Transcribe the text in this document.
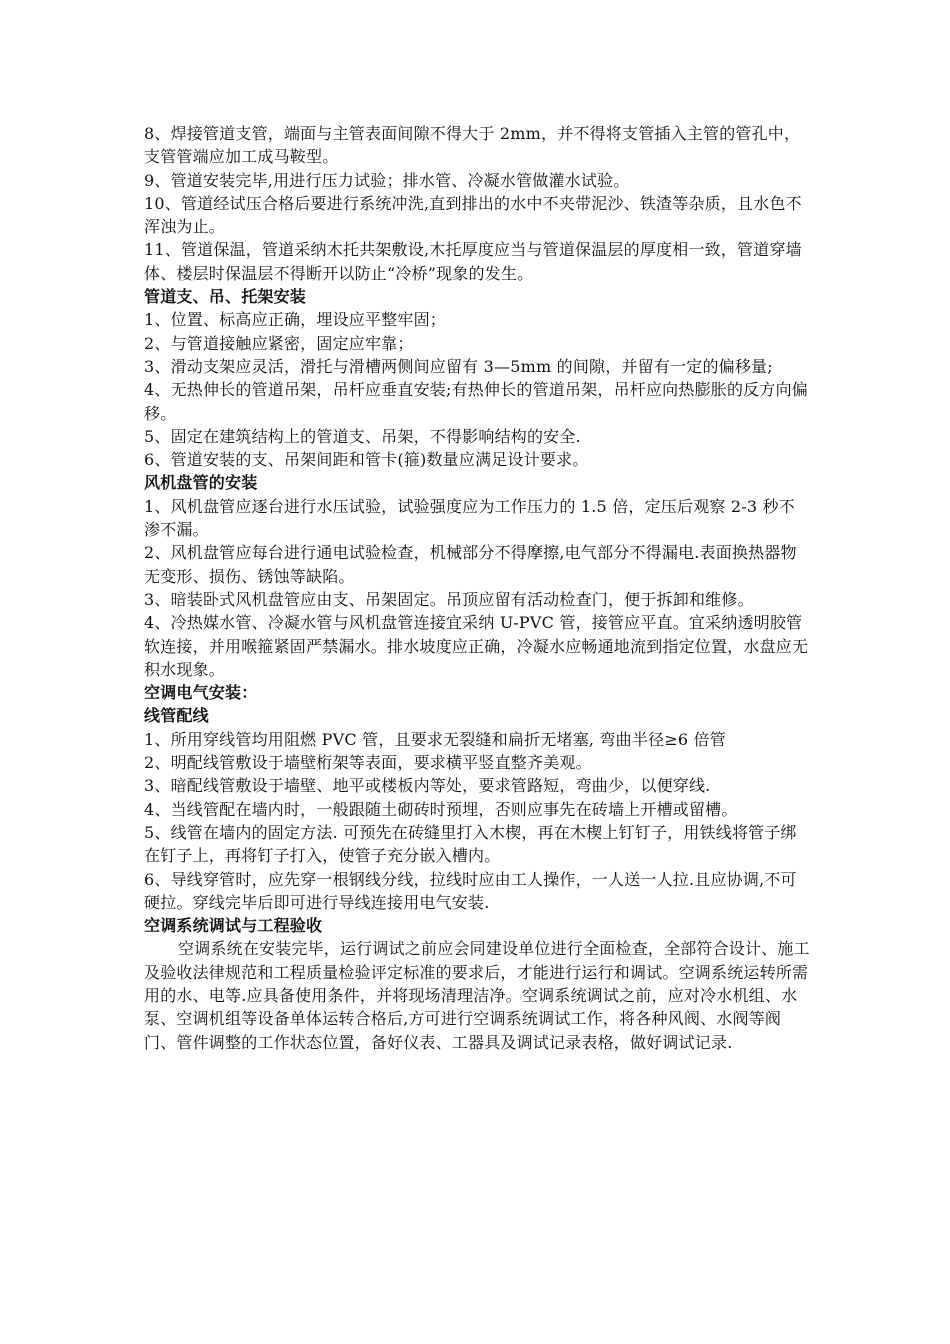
8、焊接管道支管，端面与主管表面间隙不得大于 2mm，并不得将支管插入主管的管孔中，支管管端应加工成马鞍型。

9、管道安装完毕,用进行压力试验；排水管、冷凝水管做灌水试验。

10、管道经试压合格后要进行系统冲洗,直到排出的水中不夹带泥沙、铁渣等杂质，且水色不浑浊为止。

11、管道保温，管道采纳木托共架敷设,木托厚度应当与管道保温层的厚度相一致，管道穿墙体、楼层时保温层不得断开以防止“冷桥”现象的发生。

管道支、吊、托架安装

1、位置、标高应正确，埋设应平整牢固；

2、与管道接触应紧密，固定应牢靠；

3、滑动支架应灵活，滑托与滑槽两侧间应留有 3—5mm 的间隙，并留有一定的偏移量;

4、无热伸长的管道吊架，吊杆应垂直安装;有热伸长的管道吊架，吊杆应向热膨胀的反方向偏移。

5、固定在建筑结构上的管道支、吊架，不得影响结构的安全.

6、管道安装的支、吊架间距和管卡(箍)数量应满足设计要求。

风机盘管的安装

1、风机盘管应逐台进行水压试验，试验强度应为工作压力的 1.5 倍，定压后观察 2-3 秒不渗不漏。

2、风机盘管应每台进行通电试验检查，机械部分不得摩擦,电气部分不得漏电.表面换热器物无变形、损伤、锈蚀等缺陷。

3、暗装卧式风机盘管应由支、吊架固定。吊顶应留有活动检查门，便于拆卸和维修。

4、冷热媒水管、冷凝水管与风机盘管连接宜采纳 U-PVC 管，接管应平直。宜采纳透明胶管软连接，并用喉箍紧固严禁漏水。排水坡度应正确，冷凝水应畅通地流到指定位置，水盘应无积水现象。

空调电气安装：

线管配线

1、所用穿线管均用阻燃 PVC 管，且要求无裂缝和扁折无堵塞, 弯曲半径≥6 倍管

2、明配线管敷设于墙壁桁架等表面，要求横平竖直整齐美观。

3、暗配线管敷设于墙壁、地平或楼板内等处，要求管路短，弯曲少，以便穿线.

4、当线管配在墙内时，一般跟随土砌砖时预埋，否则应事先在砖墙上开槽或留槽。

5、线管在墙内的固定方法. 可预先在砖缝里打入木楔，再在木楔上钉钉子，用铁线将管子绑在钉子上，再将钉子打入，使管子充分嵌入槽内。

6、导线穿管时，应先穿一根钢线分线，拉线时应由工人操作，一人送一人拉.且应协调,不可硬拉。穿线完毕后即可进行导线连接用电气安装.

空调系统调试与工程验收

空调系统在安装完毕，运行调试之前应会同建设单位进行全面检查，全部符合设计、施工及验收法律规范和工程质量检验评定标准的要求后，才能进行运行和调试。空调系统运转所需用的水、电等.应具备使用条件，并将现场清理洁净。空调系统调试之前，应对冷水机组、水泵、空调机组等设备单体运转合格后,方可进行空调系统调试工作，将各种风阀、水阀等阀门、管件调整的工作状态位置，备好仪表、工器具及调试记录表格，做好调试记录.
